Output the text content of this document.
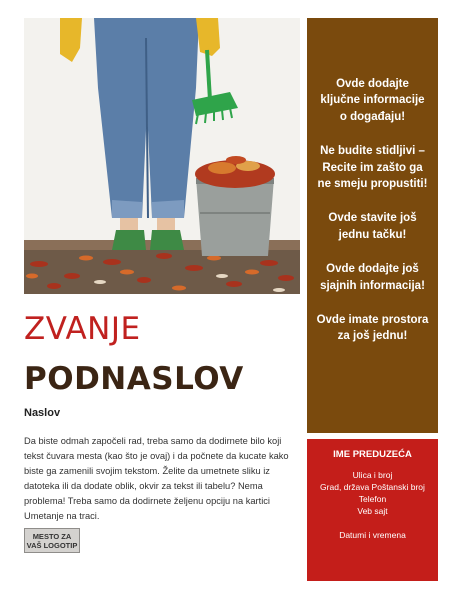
ZVANJE
PODNASLOV
Naslov

Da biste odmah započeli rad, treba samo da dodirnete bilo koji tekst čuvara mesta (kao što je ovaj) i da počnete da kucate kako biste ga zamenili svojim tekstom. Želite da umetnete sliku iz datoteka ili da dodate oblik, okvir za tekst ili tabelu? Nema problema! Treba samo da dodirnete željenu opciju na kartici Umetanje na traci.

MESTO ZA VAŠ LOGOTIP

Ovde dodajte ključne informacije o događaju!

Ne budite stidljivi – Recite im zašto ga ne smeju propustiti!

Ovde stavite još jednu tačku!

Ovde dodajte još sjajnih informacija!

Ovde imate prostora za još jednu!

IME PREDUZEĆA

Ulica i broj

Grad, država Poštanski broj

Telefon

Veb sajt

Datumi i vremena
